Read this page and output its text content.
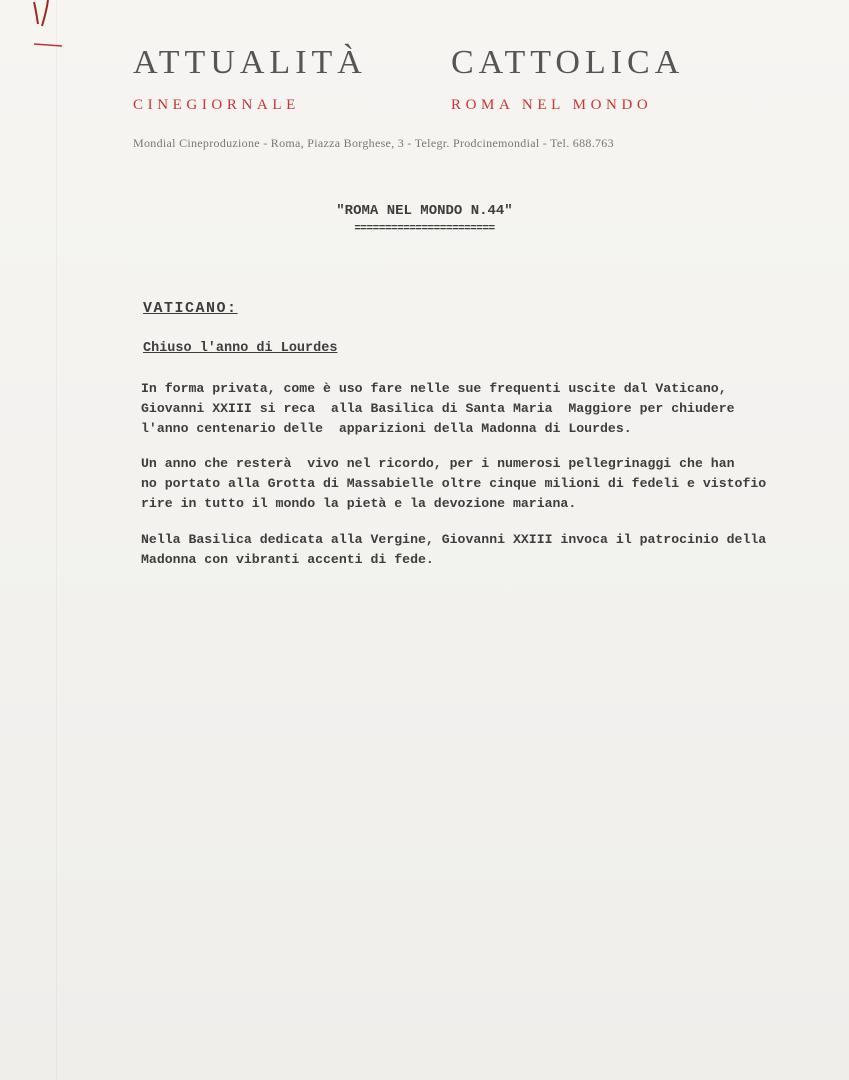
ATTUALITÀ CATTOLICA
CINEGIORNALE	ROMA NEL MONDO
Mondial Cineproduzione - Roma, Piazza Borghese, 3 - Telegr. Prodcinemondial - Tel. 688.763
"ROMA NEL MONDO N.44"
=======================
VATICANO:
Chiuso l'anno di Lourdes
In forma privata, come è uso fare nelle sue frequenti uscite dal Vaticano,
Giovanni XXIII si reca  alla Basilica di Santa Maria  Maggiore per chiudere
l'anno centenario delle  apparizioni della Madonna di Lourdes.
Un anno che resterà  vivo nel ricordo, per i numerosi pellegrinaggi che han
no portato alla Grotta di Massabielle oltre cinque milioni di fedeli e vistofio
rire in tutto il mondo la pietà e la devozione mariana.
Nella Basilica dedicata alla Vergine, Giovanni XXIII invoca il patrocinio della
Madonna con vibranti accenti di fede.
